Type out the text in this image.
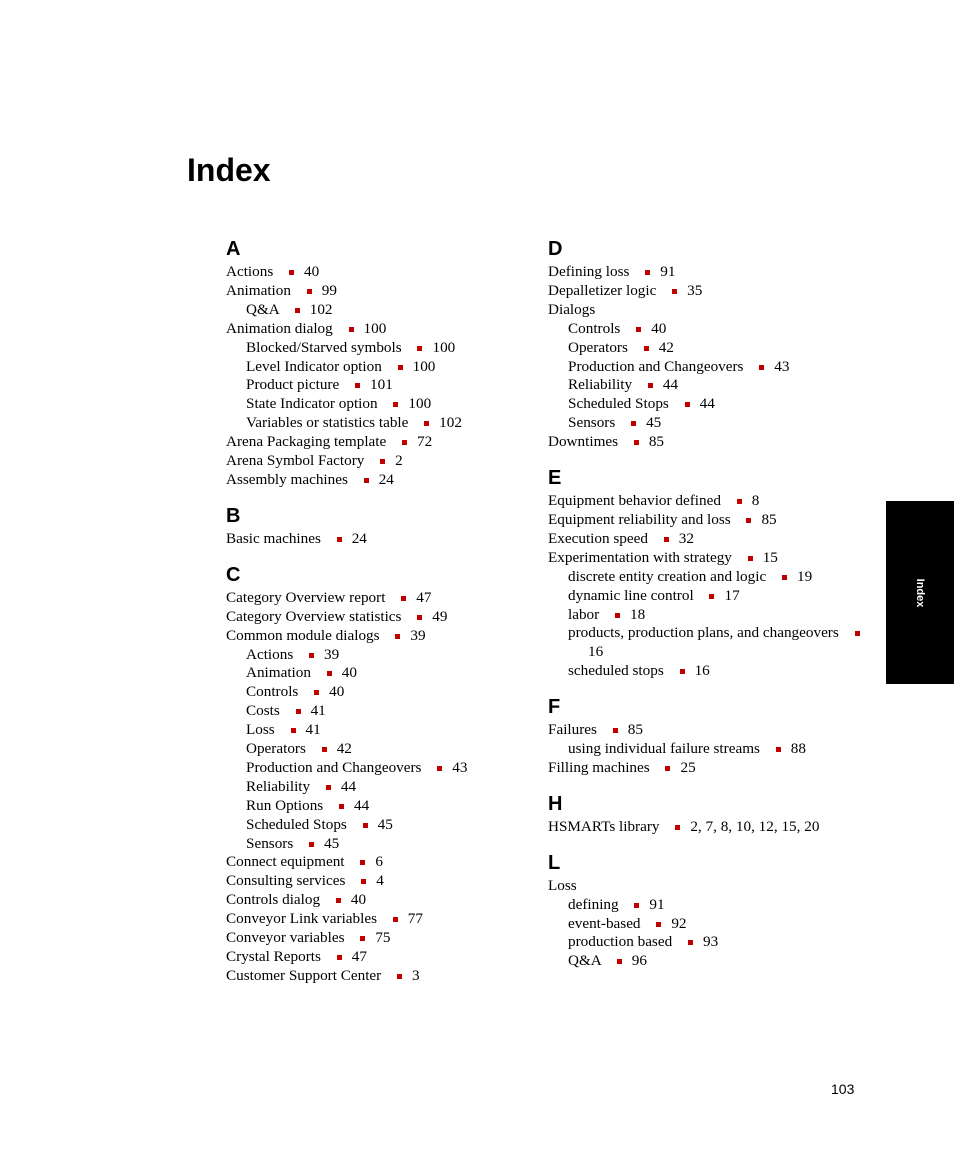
Index
A
Actions 40
Animation 99
Q&A 102
Animation dialog 100
Blocked/Starved symbols 100
Level Indicator option 100
Product picture 101
State Indicator option 100
Variables or statistics table 102
Arena Packaging template 72
Arena Symbol Factory 2
Assembly machines 24
B
Basic machines 24
C
Category Overview report 47
Category Overview statistics 49
Common module dialogs 39
Actions 39
Animation 40
Controls 40
Costs 41
Loss 41
Operators 42
Production and Changeovers 43
Reliability 44
Run Options 44
Scheduled Stops 45
Sensors 45
Connect equipment 6
Consulting services 4
Controls dialog 40
Conveyor Link variables 77
Conveyor variables 75
Crystal Reports 47
Customer Support Center 3
D
Defining loss 91
Depalletizer logic 35
Dialogs
Controls 40
Operators 42
Production and Changeovers 43
Reliability 44
Scheduled Stops 44
Sensors 45
Downtimes 85
E
Equipment behavior defined 8
Equipment reliability and loss 85
Execution speed 32
Experimentation with strategy 15
discrete entity creation and logic 19
dynamic line control 17
labor 18
products, production plans, and changeovers 16
scheduled stops 16
F
Failures 85
using individual failure streams 88
Filling machines 25
H
HSMARTs library 2, 7, 8, 10, 12, 15, 20
L
Loss
defining 91
event-based 92
production based 93
Q&A 96
Index
103
